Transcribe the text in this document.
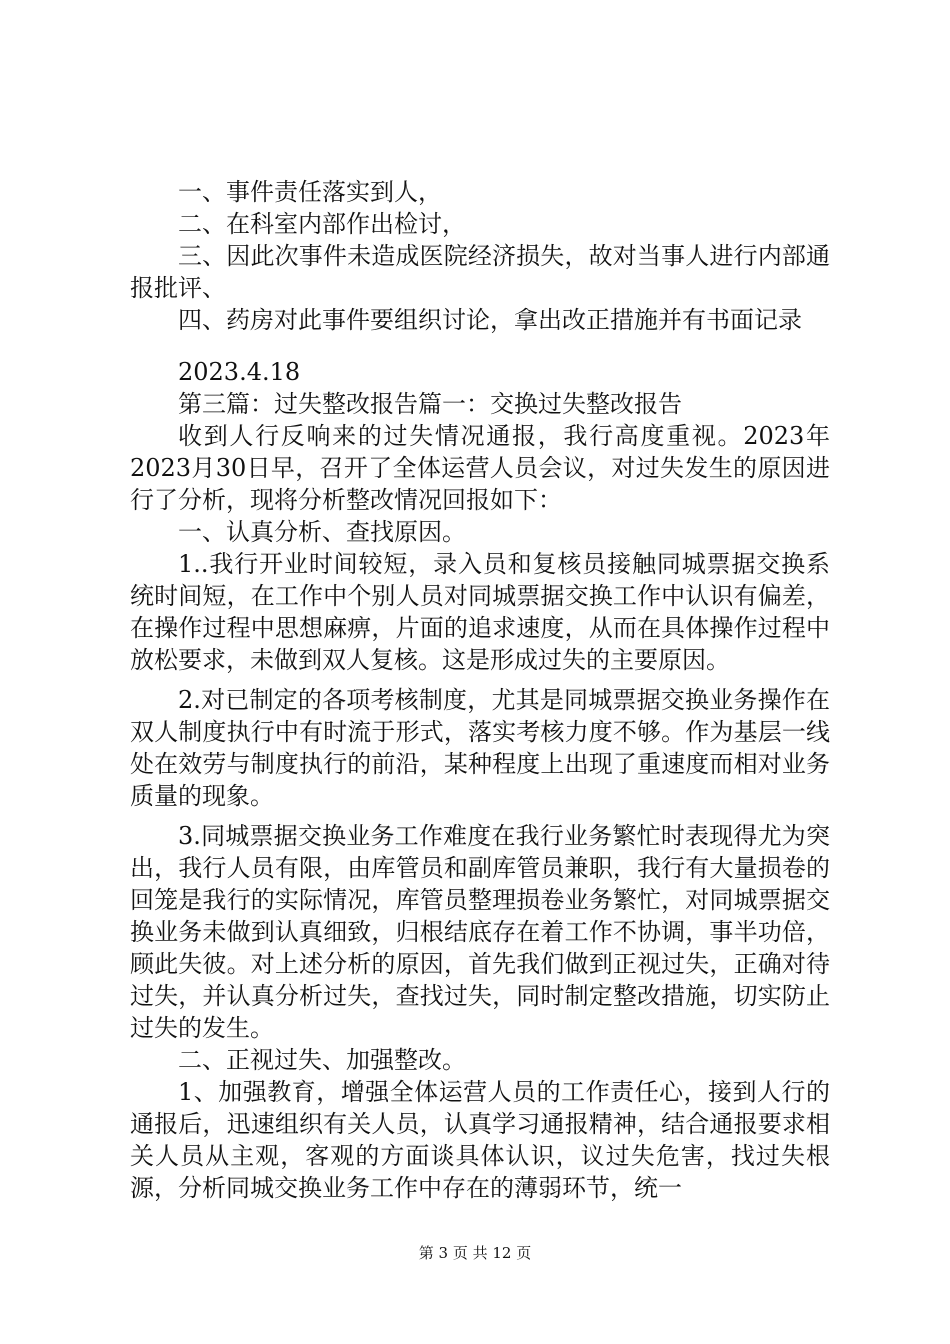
一、事件责任落实到人，

二、在科室内部作出检讨，

三、因此次事件未造成医院经济损失，故对当事人进行内部通报批评、

四、药房对此事件要组织讨论，拿出改正措施并有书面记录

2023.4.18

第三篇：过失整改报告篇一：交换过失整改报告

收到人行反响来的过失情况通报，我行高度重视。2023年2023月30日早，召开了全体运营人员会议，对过失发生的原因进行了分析，现将分析整改情况回报如下：

一、认真分析、查找原因。

1..我行开业时间较短，录入员和复核员接触同城票据交换系统时间短，在工作中个别人员对同城票据交换工作中认识有偏差，在操作过程中思想麻痹，片面的追求速度，从而在具体操作过程中放松要求，未做到双人复核。这是形成过失的主要原因。

2.对已制定的各项考核制度，尤其是同城票据交换业务操作在双人制度执行中有时流于形式，落实考核力度不够。作为基层一线处在效劳与制度执行的前沿，某种程度上出现了重速度而相对业务质量的现象。

3.同城票据交换业务工作难度在我行业务繁忙时表现得尤为突出，我行人员有限，由库管员和副库管员兼职，我行有大量损卷的回笼是我行的实际情况，库管员整理损卷业务繁忙，对同城票据交换业务未做到认真细致，归根结底存在着工作不协调，事半功倍，顾此失彼。对上述分析的原因，首先我们做到正视过失，正确对待过失，并认真分析过失，查找过失，同时制定整改措施，切实防止过失的发生。

二、正视过失、加强整改。

1、加强教育，增强全体运营人员的工作责任心，接到人行的通报后，迅速组织有关人员，认真学习通报精神，结合通报要求相关人员从主观，客观的方面谈具体认识，议过失危害，找过失根源，分析同城交换业务工作中存在的薄弱环节，统一

第 3 页 共 12 页
